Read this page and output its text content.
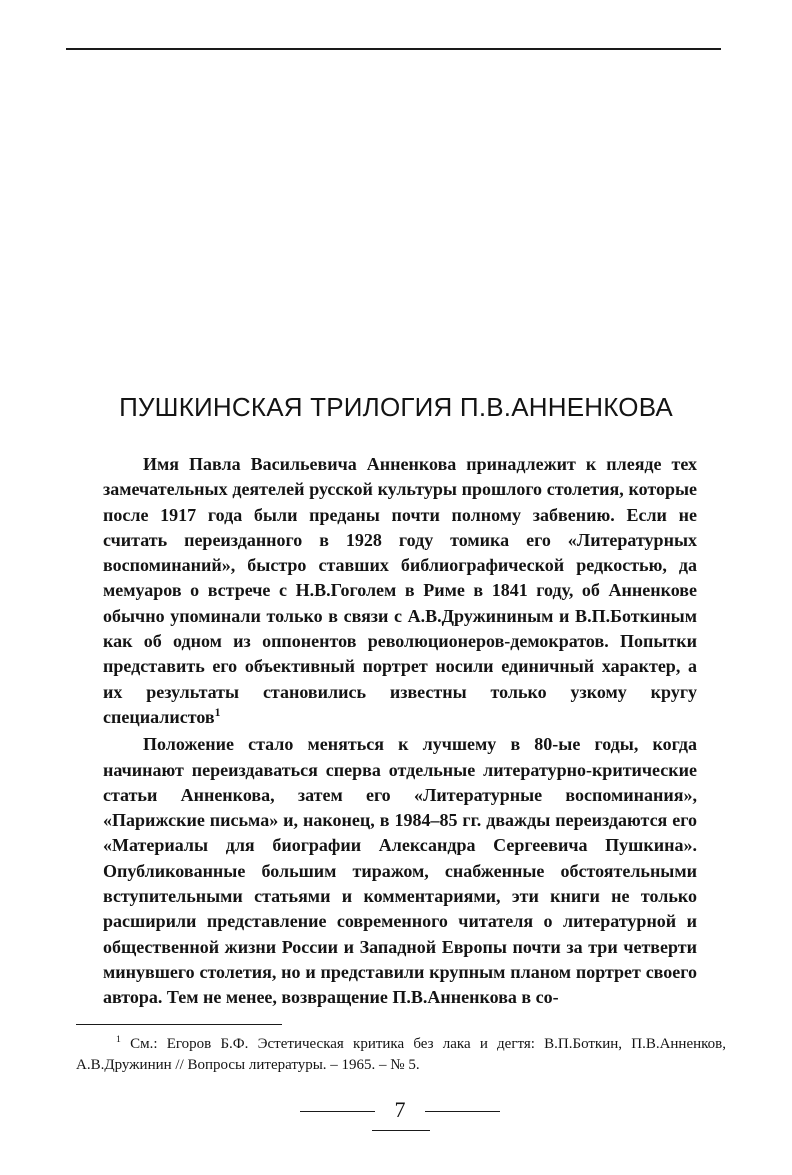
ПУШКИНСКАЯ ТРИЛОГИЯ П.В.АННЕНКОВА

Имя Павла Васильевича Анненкова принадлежит к плеяде тех замечательных деятелей русской культуры прошлого столетия, которые после 1917 года были преданы почти полному забвению. Если не считать переизданного в 1928 году томика его «Литературных воспоминаний», быстро ставших библиографической редкостью, да мемуаров о встрече с Н.В.Гоголем в Риме в 1841 году, об Анненкове обычно упоминали только в связи с А.В.Дружининым и В.П.Боткиным как об одном из оппонентов революционеров-демократов. Попытки представить его объективный портрет носили единичный характер, а их результаты становились известны только узкому кругу специалистов$^1$

Положение стало меняться к лучшему в 80-ые годы, когда начинают переиздаваться сперва отдельные литературно-критические статьи Анненкова, затем его «Литературные воспоминания», «Парижские письма» и, наконец, в 1984–85 гг. дважды переиздаются его «Материалы для биографии Александра Сергеевича Пушкина». Опубликованные большим тиражом, снабженные обстоятельными вступительными статьями и комментариями, эти книги не только расширили представление современного читателя о литературной и общественной жизни России и Западной Европы почти за три четверти минувшего столетия, но и представили крупным планом портрет своего автора. Тем не менее, возвращение П.В.Анненкова в со-

$^1$ См.: Егоров Б.Ф. Эстетическая критика без лака и дегтя: В.П.Боткин, П.В.Анненков, А.В.Дружинин // Вопросы литературы. – 1965. – № 5.
7
